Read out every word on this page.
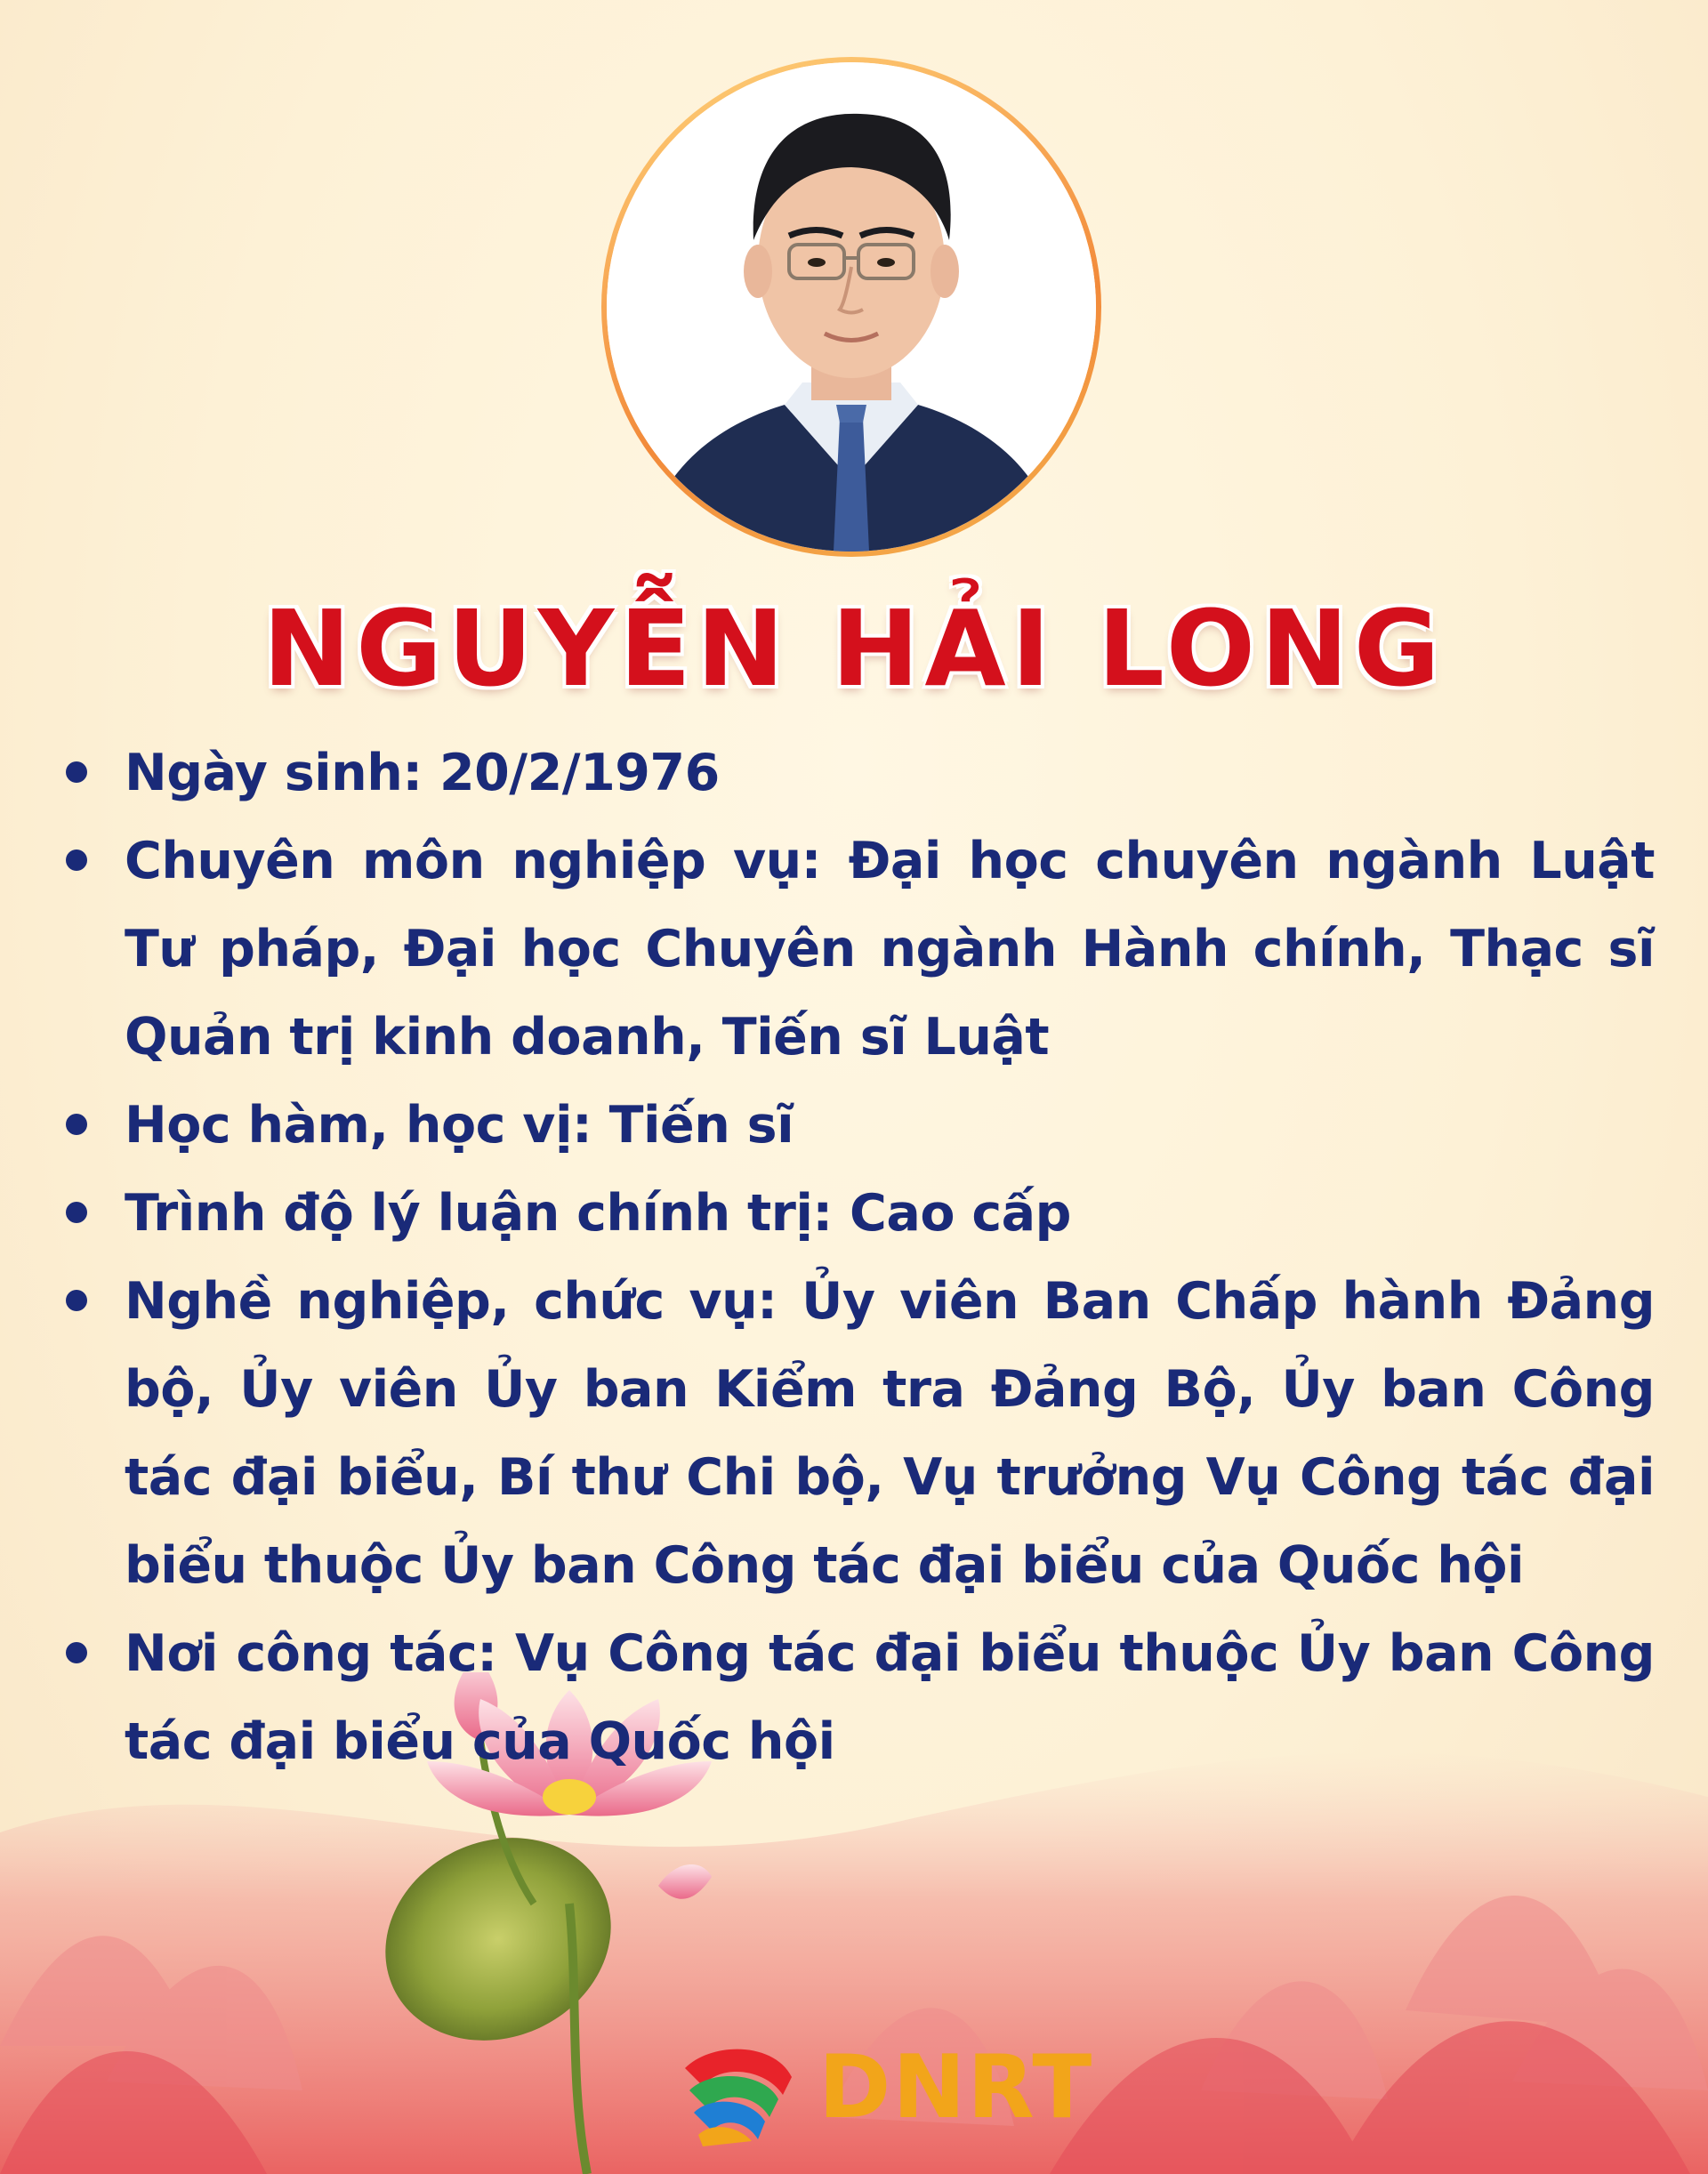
NGUYỄN HẢI LONG
Ngày sinh: 20/2/1976
Chuyên môn nghiệp vụ: Đại học chuyên ngành Luật Tư pháp, Đại học Chuyên ngành Hành chính, Thạc sĩ Quản trị kinh doanh, Tiến sĩ Luật
Học hàm, học vị: Tiến sĩ
Trình độ lý luận chính trị: Cao cấp
Nghề nghiệp, chức vụ: Ủy viên Ban Chấp hành Đảng bộ, Ủy viên Ủy ban Kiểm tra Đảng Bộ, Ủy ban Công tác đại biểu, Bí thư Chi bộ, Vụ trưởng Vụ Công tác đại biểu thuộc Ủy ban Công tác đại biểu của Quốc hội
Nơi công tác: Vụ Công tác đại biểu thuộc Ủy ban Công tác đại biểu của Quốc hội
DNRT
